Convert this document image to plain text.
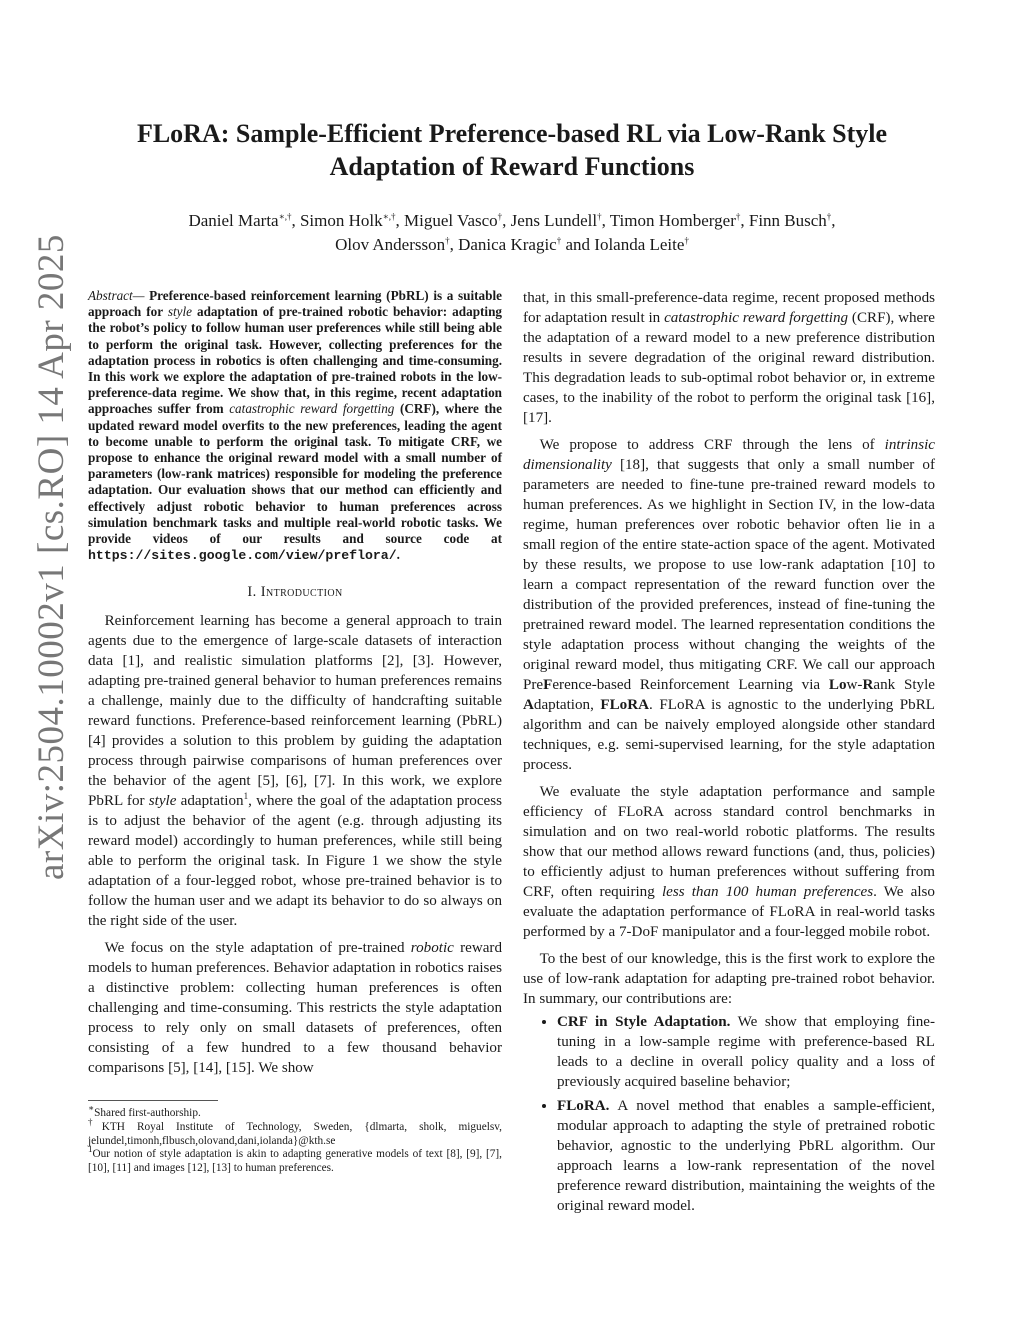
arXiv:2504.10002v1 [cs.RO] 14 Apr 2025
FLoRA: Sample-Efficient Preference-based RL via Low-Rank Style Adaptation of Reward Functions
Daniel Marta∗,†, Simon Holk∗,†, Miguel Vasco†, Jens Lundell†, Timon Homberger†, Finn Busch†,
Olov Andersson†, Danica Kragic† and Iolanda Leite†

Abstract— Preference-based reinforcement learning (PbRL) is a suitable approach for style adaptation of pre-trained robotic behavior: adapting the robot’s policy to follow human user preferences while still being able to perform the original task. However, collecting preferences for the adaptation process in robotics is often challenging and time-consuming. In this work we explore the adaptation of pre-trained robots in the low-preference-data regime. We show that, in this regime, recent adaptation approaches suffer from catastrophic reward forgetting (CRF), where the updated reward model overfits to the new preferences, leading the agent to become unable to perform the original task. To mitigate CRF, we propose to enhance the original reward model with a small number of parameters (low-rank matrices) responsible for modeling the preference adaptation. Our evaluation shows that our method can efficiently and effectively adjust robotic behavior to human preferences across simulation benchmark tasks and multiple real-world robotic tasks. We provide videos of our results and source code at https://sites.google.com/view/preflora/.

I. Introduction

Reinforcement learning has become a general approach to train agents due to the emergence of large-scale datasets of interaction data [1], and realistic simulation platforms [2], [3]. However, adapting pre-trained general behavior to human preferences remains a challenge, mainly due to the difficulty of handcrafting suitable reward functions. Preference-based reinforcement learning (PbRL) [4] provides a solution to this problem by guiding the adaptation process through pairwise comparisons of human preferences over the behavior of the agent [5], [6], [7]. In this work, we explore PbRL for style adaptation$^1$, where the goal of the adaptation process is to adjust the behavior of the agent (e.g. through adjusting its reward model) accordingly to human preferences, while still being able to perform the original task. In Figure 1 we show the style adaptation of a four-legged robot, whose pre-trained behavior is to follow the human user and we adapt its behavior to do so always on the right side of the user.

We focus on the style adaptation of pre-trained robotic reward models to human preferences. Behavior adaptation in robotics raises a distinctive problem: collecting human preferences is often challenging and time-consuming. This restricts the style adaptation process to rely only on small datasets of preferences, often consisting of a few hundred to a few thousand behavior comparisons [5], [14], [15]. We show

∗Shared first-authorship.

†KTH Royal Institute of Technology, Sweden, {dlmarta, sholk, miguelsv, jelundel,timonh,flbusch,olovand,dani,iolanda}@kth.se

$^1$Our notion of style adaptation is akin to adapting generative models of text [8], [9], [7], [10], [11] and images [12], [13] to human preferences.

that, in this small-preference-data regime, recent proposed methods for adaptation result in catastrophic reward forgetting (CRF), where the adaptation of a reward model to a new preference distribution results in severe degradation of the original reward distribution. This degradation leads to sub-optimal robot behavior or, in extreme cases, to the inability of the robot to perform the original task [16], [17].

We propose to address CRF through the lens of intrinsic dimensionality [18], that suggests that only a small number of parameters are needed to fine-tune pre-trained reward models to human preferences. As we highlight in Section IV, in the low-data regime, human preferences over robotic behavior often lie in a small region of the entire state-action space of the agent. Motivated by these results, we propose to use low-rank adaptation [10] to learn a compact representation of the reward function over the distribution of the provided preferences, instead of fine-tuning the pretrained reward model. The learned representation conditions the style adaptation process without changing the weights of the original reward model, thus mitigating CRF. We call our approach PreFerence-based Reinforcement Learning via Low-Rank Style Adaptation, FLoRA. FLoRA is agnostic to the underlying PbRL algorithm and can be naively employed alongside other standard techniques, e.g. semi-supervised learning, for the style adaptation process.

We evaluate the style adaptation performance and sample efficiency of FLoRA across standard control benchmarks in simulation and on two real-world robotic platforms. The results show that our method allows reward functions (and, thus, policies) to efficiently adjust to human preferences without suffering from CRF, often requiring less than 100 human preferences. We also evaluate the adaptation performance of FLoRA in real-world tasks performed by a 7-DoF manipulator and a four-legged mobile robot.

To the best of our knowledge, this is the first work to explore the use of low-rank adaptation for adapting pre-trained robot behavior. In summary, our contributions are:

• CRF in Style Adaptation. We show that employing fine-tuning in a low-sample regime with preference-based RL leads to a decline in overall policy quality and a loss of previously acquired baseline behavior;
• FLoRA. A novel method that enables a sample-efficient, modular approach to adapting the style of pretrained robotic behavior, agnostic to the underlying PbRL algorithm. Our approach learns a low-rank representation of the novel preference reward distribution, maintaining the weights of the original reward model.
